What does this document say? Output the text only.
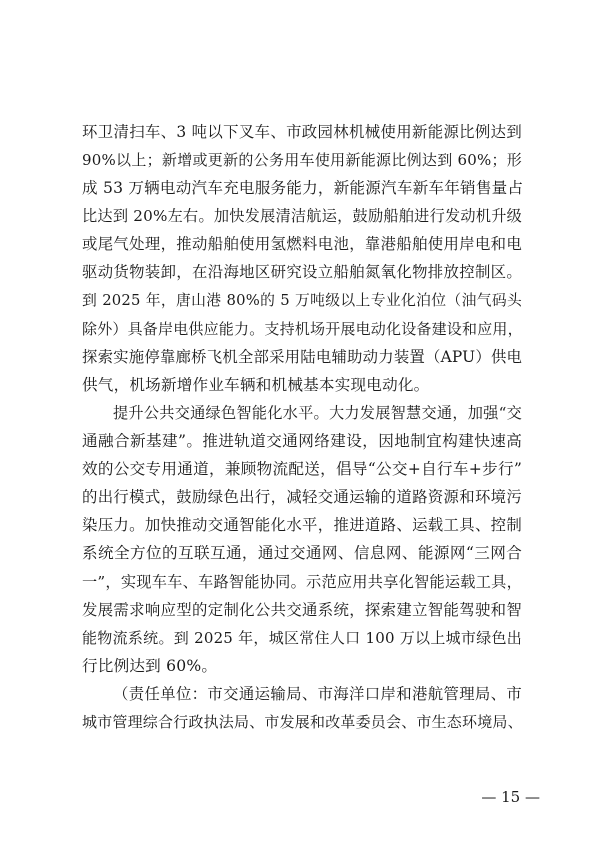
环卫清扫车、3 吨以下叉车、市政园林机械使用新能源比例达到
90%以上；新增或更新的公务用车使用新能源比例达到 60%；形
成 53 万辆电动汽车充电服务能力，新能源汽车新车年销售量占
比达到 20%左右。加快发展清洁航运，鼓励船舶进行发动机升级
或尾气处理，推动船舶使用氢燃料电池，靠港船舶使用岸电和电
驱动货物装卸，在沿海地区研究设立船舶氮氧化物排放控制区。
到 2025 年，唐山港 80%的 5 万吨级以上专业化泊位（油气码头
除外）具备岸电供应能力。支持机场开展电动化设备建设和应用，
探索实施停靠廊桥飞机全部采用陆电辅助动力装置（APU）供电
供气，机场新增作业车辆和机械基本实现电动化。
提升公共交通绿色智能化水平。大力发展智慧交通，加强“交
通融合新基建”。推进轨道交通网络建设，因地制宜构建快速高
效的公交专用通道，兼顾物流配送，倡导“公交+自行车+步行”
的出行模式，鼓励绿色出行，减轻交通运输的道路资源和环境污
染压力。加快推动交通智能化水平，推进道路、运载工具、控制
系统全方位的互联互通，通过交通网、信息网、能源网“三网合
一”，实现车车、车路智能协同。示范应用共享化智能运载工具，
发展需求响应型的定制化公共交通系统，探索建立智能驾驶和智
能物流系统。到 2025 年，城区常住人口 100 万以上城市绿色出
行比例达到 60%。
（责任单位：市交通运输局、市海洋口岸和港航管理局、市
城市管理综合行政执法局、市发展和改革委员会、市生态环境局、
— 15 —
